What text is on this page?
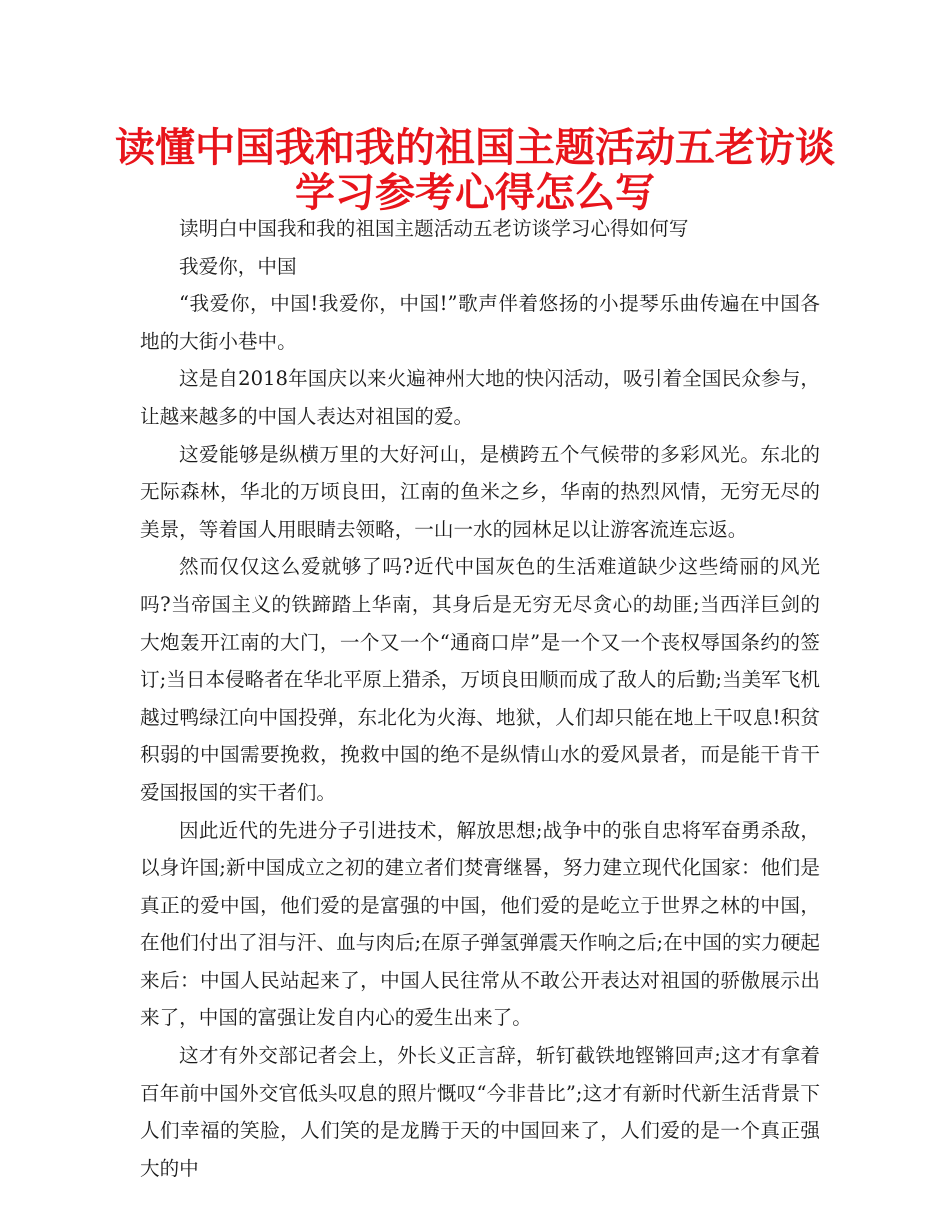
读懂中国我和我的祖国主题活动五老访谈
学习参考心得怎么写

读明白中国我和我的祖国主题活动五老访谈学习心得如何写

我爱你，中国

“我爱你，中国!我爱你，中国!”歌声伴着悠扬的小提琴乐曲传遍在中国各地的大街小巷中。

这是自2018年国庆以来火遍神州大地的快闪活动，吸引着全国民众参与，让越来越多的中国人表达对祖国的爱。

这爱能够是纵横万里的大好河山，是横跨五个气候带的多彩风光。东北的无际森林，华北的万顷良田，江南的鱼米之乡，华南的热烈风情，无穷无尽的美景，等着国人用眼睛去领略，一山一水的园林足以让游客流连忘返。

然而仅仅这么爱就够了吗?近代中国灰色的生活难道缺少这些绮丽的风光吗?当帝国主义的铁蹄踏上华南，其身后是无穷无尽贪心的劫匪;当西洋巨剑的大炮轰开江南的大门，一个又一个“通商口岸”是一个又一个丧权辱国条约的签订;当日本侵略者在华北平原上猎杀，万顷良田顺而成了敌人的后勤;当美军飞机越过鸭绿江向中国投弹，东北化为火海、地狱，人们却只能在地上干叹息!积贫积弱的中国需要挽救，挽救中国的绝不是纵情山水的爱风景者，而是能干肯干爱国报国的实干者们。

因此近代的先进分子引进技术，解放思想;战争中的张自忠将军奋勇杀敌，以身许国;新中国成立之初的建立者们焚膏继晷，努力建立现代化国家：他们是真正的爱中国，他们爱的是富强的中国，他们爱的是屹立于世界之林的中国，在他们付出了泪与汗、血与肉后;在原子弹氢弹震天作响之后;在中国的实力硬起来后：中国人民站起来了，中国人民往常从不敢公开表达对祖国的骄傲展示出来了，中国的富强让发自内心的爱生出来了。

这才有外交部记者会上，外长义正言辞，斩钉截铁地铿锵回声;这才有拿着百年前中国外交官低头叹息的照片慨叹“今非昔比”;这才有新时代新生活背景下人们幸福的笑脸，人们笑的是龙腾于天的中国回来了，人们爱的是一个真正强大的中
